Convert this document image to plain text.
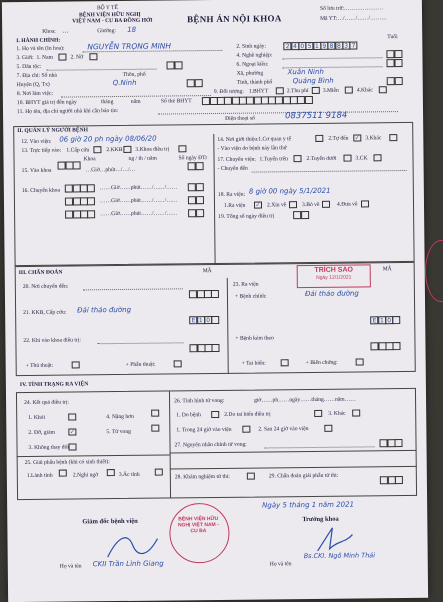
BỘ Y TẾ
BỆNH VIỆN HỮU NGHỊ
VIỆT NAM - CU BA ĐỒNG HỚI
Khoa: …	Giường: 18
BỆNH ÁN NỘI KHOA
Số lưu trữ:…………………
Mã YT:…/……/……/………
I. HÀNH CHÍNH:
Tuổi
1. Họ và tên (In hoa):	NGUYỄN TRỌNG MINH	2. Sinh ngày:	2 4 0 5 1 9 8 8 3 7
3. Giới: 1. Nam	2. Nữ	4. Nghề nghiệp:
5. Dân tộc:	6. Ngoại kiều:
7. Địa chỉ: Số nhà	Thôn, phố	Xã, phường	Xuân Ninh
Huyện (Q, Tx)	Q.Ninh	Tỉnh, thành phố	Quảng Bình
8. Nơi làm việc:	9. Đối tượng: 1.BHYT	2.Thu phí	3.Miễn	4.Khác
10. BHYT giá trị đến ngày	tháng	năm	Số thẻ BHYT
11. Họ tên, địa chỉ người nhà khi cần báo tin:
Điện thoại số	0837511 9184
II. QUẢN LÝ NGƯỜI BỆNH
12. Vào viện: 06 giờ 20 ph ngày 08/06/20
13. Trực tiếp vào: 1.Cấp cứu	2.KKB 3.Khoa điều trị
14. Nơi giới thiệu: 1.Cơ quan y tế	2.Tự đến ✓ 3.Khác
- Vào viện do bệnh này lần thứ
Khoa	ng / th / năm	Số ngày ĐTr
15. Vào khoa	…Giờ…phút…/…/…
17. Chuyển viện: 1.Tuyến trên	2.Tuyến dưới	3.CK
- Chuyển đến
16. Chuyển khoa	……Giờ……phút……/……/……
……Giờ……phút……/……/……
……Giờ……phút……/……/……
18. Ra viện: 8 giờ 00 ngày 5/1/2021
1.Ra viện ✓ 2.Xin về	3.Bỏ về	4.Đưa về
19. Tổng số ngày điều trị
III. CHẨN ĐOÁN	MÃ	MÃ
20. Nơi chuyển đến:
21. KKB, Cấp cứu: Đái tháo đường
E 1 0
22. Khi vào khoa điều trị:
+ Thủ thuật:	+ Phẫu thuật:
23. Ra viện
+ Bệnh chính:	Đái tháo đường
+ Bệnh kèm theo
E 1 0
+ Tai biến:	+ Biến chứng:
TRÍCH SAO
Ngày 12/1/2021
IV. TÌNH TRẠNG RA VIỆN
24. Kết quả điều trị:
1. Khỏi
2. Đỡ, giảm ✓
3. Không thay đổi
4. Nặng hơn
5. Tử vong
25. Giải phẫu bệnh (khi có sinh thiết):
1.Lành tính	2.Nghi ngờ	3.Ác tính
26. Tình hình tử vong:	giờ……ph……ngày……tháng……năm……
1. Do bệnh	2.Do tai biến điều trị	3. Khác
1. Trong 24 giờ vào viện	2. Sau 24 giờ vào viện
27. Nguyên nhân chính tử vong:
28. Khám nghiệm tử thi:	29. Chẩn đoán giải phẫu tử thi:
Ngày 5 tháng 1 năm 2021
Giám đốc bệnh viện	Trưởng khoa
BỆNH VIỆN HỮU NGHỊ VIỆT NAM - CU BA
Họ và tên CKII Trần Lình Giang	Họ và tên
Bs.CKI. Ngô Minh Thái
